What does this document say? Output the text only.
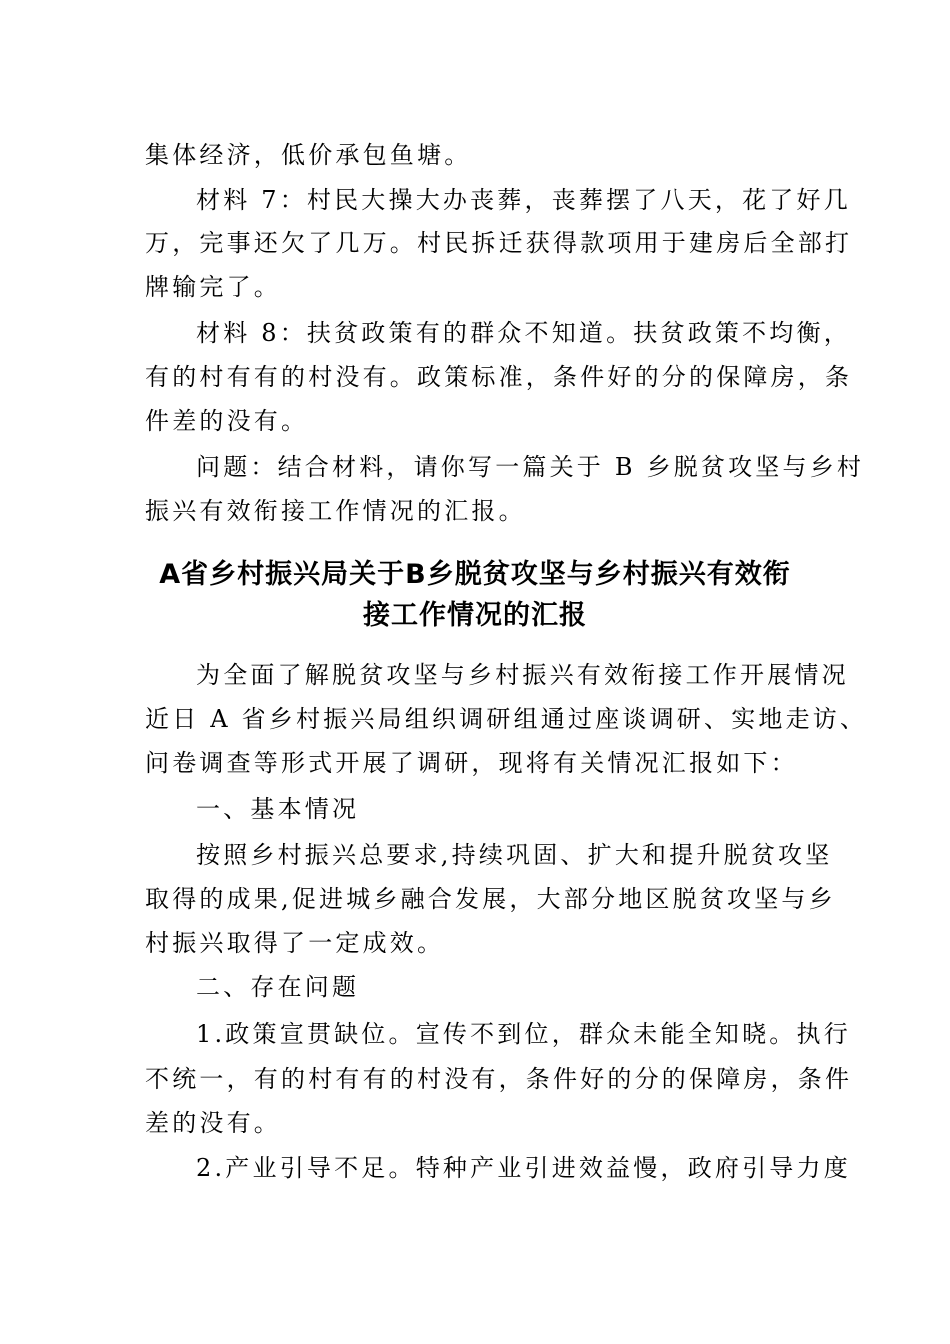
集体经济，低价承包鱼塘。
材料 7：村民大操大办丧葬，丧葬摆了八天，花了好几
万，完事还欠了几万。村民拆迁获得款项用于建房后全部打
牌输完了。
材料 8：扶贫政策有的群众不知道。扶贫政策不均衡，
有的村有有的村没有。政策标准，条件好的分的保障房，条
件差的没有。
问题：结合材料，请你写一篇关于 B 乡脱贫攻坚与乡村
振兴有效衔接工作情况的汇报。
A省乡村振兴局关于B乡脱贫攻坚与乡村振兴有效衔
接工作情况的汇报
为全面了解脱贫攻坚与乡村振兴有效衔接工作开展情况
近日 A 省乡村振兴局组织调研组通过座谈调研、实地走访、
问卷调查等形式开展了调研，现将有关情况汇报如下：
一、基本情况
按照乡村振兴总要求,持续巩固、扩大和提升脱贫攻坚
取得的成果,促进城乡融合发展，大部分地区脱贫攻坚与乡
村振兴取得了一定成效。
二、存在问题
1.政策宣贯缺位。宣传不到位，群众未能全知晓。执行
不统一，有的村有有的村没有，条件好的分的保障房，条件
差的没有。
2.产业引导不足。特种产业引进效益慢，政府引导力度
